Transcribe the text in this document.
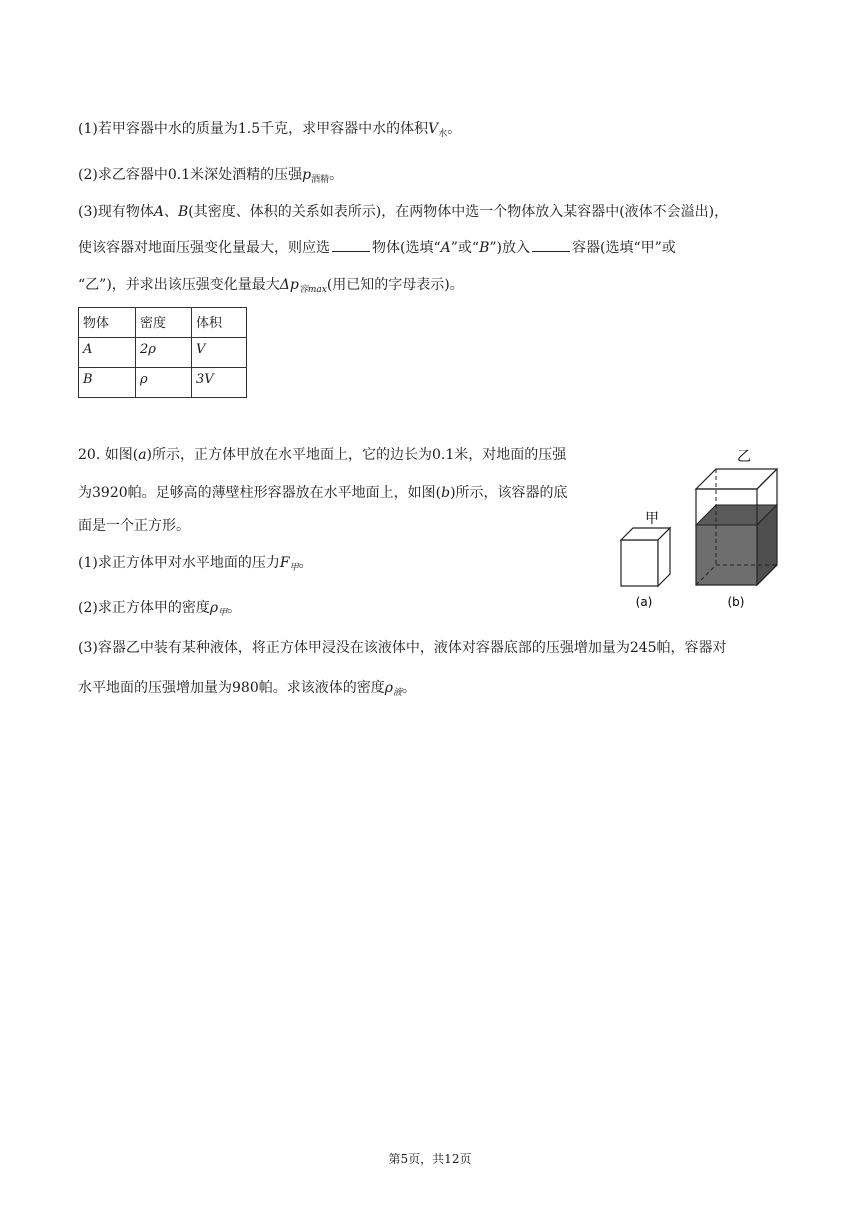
(1)若甲容器中水的质量为1.5千克，求甲容器中水的体积$V_水$。
(2)求乙容器中0.1米深处酒精的压强$p_{酒精}$。
(3)现有物体A、B(其密度、体积的关系如表所示)，在两物体中选一个物体放入某容器中(液体不会溢出)，
使该容器对地面压强变化量最大，则应选	物体(选填“A”或“B”)放入	容器(选填“甲”或
“乙”)，并求出该压强变化量最大$\Delta p_{容max}$(用已知的字母表示)。
物体	密度	体积
A	2ρ	V
B	ρ	3V
20. 如图(a)所示，正方体甲放在水平地面上，它的边长为0.1米，对地面的压强
为3920帕。足够高的薄壁柱形容器放在水平地面上，如图(b)所示，该容器的底
面是一个正方形。
(1)求正方体甲对水平地面的压力$F_甲$。
(2)求正方体甲的密度$\rho_甲$。
(3)容器乙中装有某种液体，将正方体甲浸没在该液体中，液体对容器底部的压强增加量为245帕，容器对
水平地面的压强增加量为980帕。求该液体的密度$\rho_液$。
甲
乙
(a)	(b)
第5页，共12页
